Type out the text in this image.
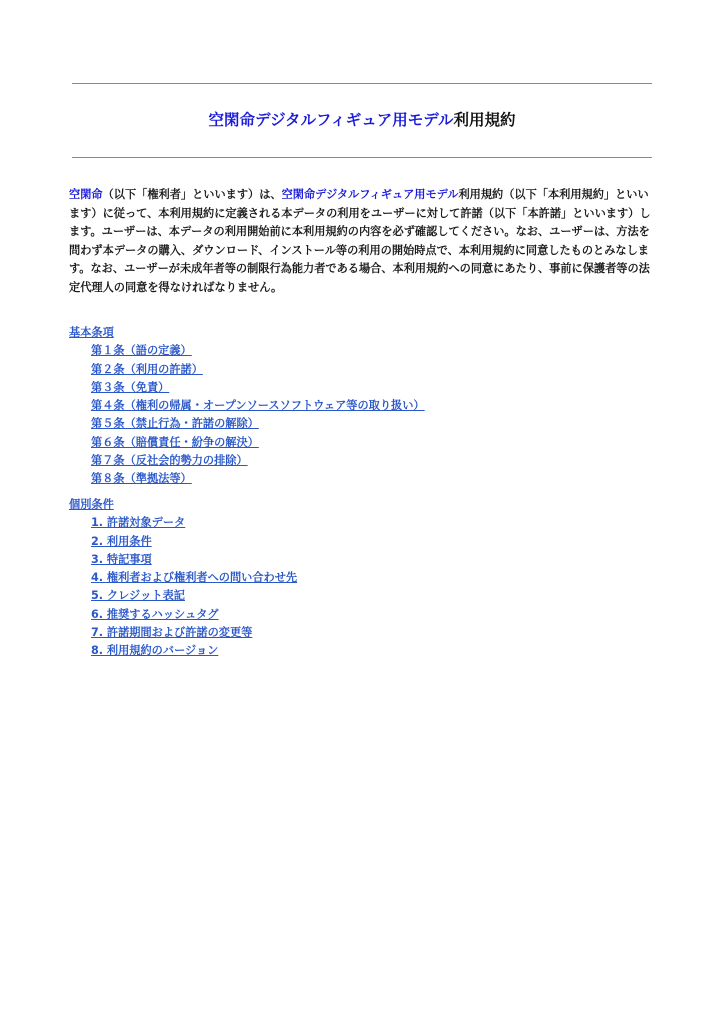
空閑命デジタルフィギュア用モデル利用規約
空閑命（以下「権利者」といいます）は、空閑命デジタルフィギュア用モデル利用規約（以下「本利用規約」といいます）に従って、本利用規約に定義される本データの利用をユーザーに対して許諾（以下「本許諾」といいます）します。ユーザーは、本データの利用開始前に本利用規約の内容を必ず確認してください。なお、ユーザーは、方法を問わず本データの購入、ダウンロード、インストール等の利用の開始時点で、本利用規約に同意したものとみなします。なお、ユーザーが未成年者等の制限行為能力者である場合、本利用規約への同意にあたり、事前に保護者等の法定代理人の同意を得なければなりません。
基本条項
第１条（語の定義）
第２条（利用の許諾）
第３条（免責）
第４条（権利の帰属・オープンソースソフトウェア等の取り扱い）
第５条（禁止行為・許諾の解除）
第６条（賠償責任・紛争の解決）
第７条（反社会的勢力の排除）
第８条（準拠法等）
個別条件
1. 許諾対象データ
2. 利用条件
3. 特記事項
4. 権利者および権利者への問い合わせ先
5. クレジット表記
6. 推奨するハッシュタグ
7. 許諾期間および許諾の変更等
8. 利用規約のバージョン
